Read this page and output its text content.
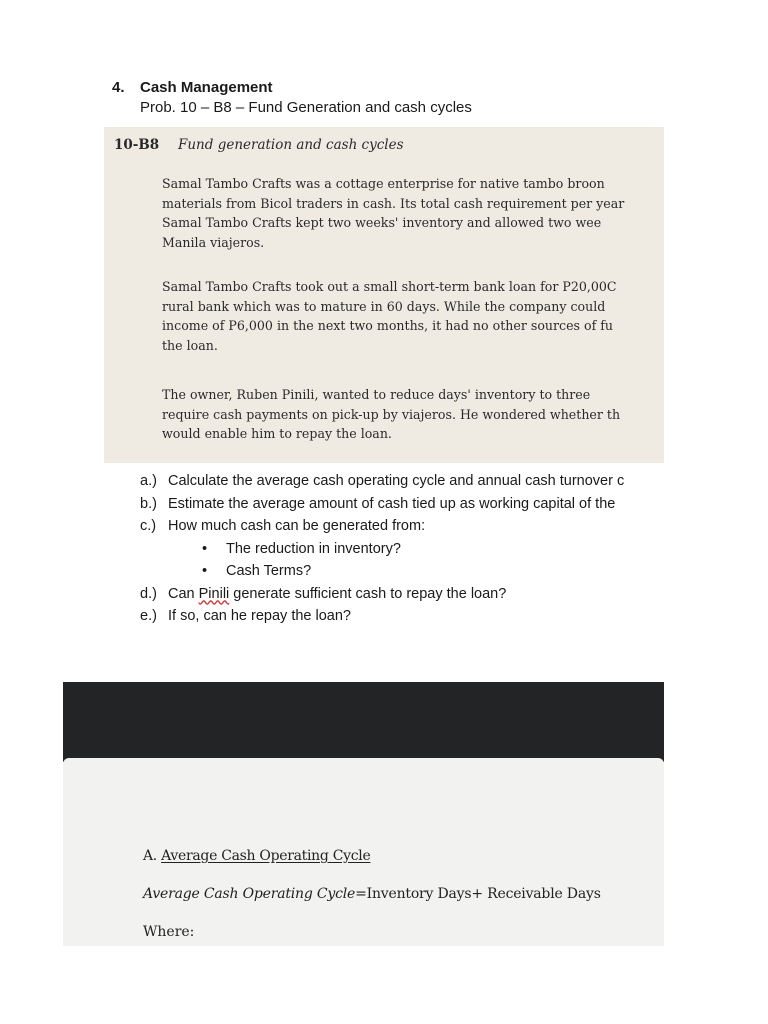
4. Cash Management
Prob. 10 – B8 – Fund Generation and cash cycles
10-B8 Fund generation and cash cycles
Samal Tambo Crafts was a cottage enterprise for native tambo broon
materials from Bicol traders in cash. Its total cash requirement per year
Samal Tambo Crafts kept two weeks' inventory and allowed two wee
Manila viajeros.
Samal Tambo Crafts took out a small short-term bank loan for P20,00C
rural bank which was to mature in 60 days. While the company could
income of P6,000 in the next two months, it had no other sources of fu
the loan.
The owner, Ruben Pinili, wanted to reduce days' inventory to three
require cash payments on pick-up by viajeros. He wondered whether th
would enable him to repay the loan.
a.) Calculate the average cash operating cycle and annual cash turnover c
b.) Estimate the average amount of cash tied up as working capital of the
c.) How much cash can be generated from:
• The reduction in inventory?
• Cash Terms?
d.) Can Pinili generate sufficient cash to repay the loan?
e.) If so, can he repay the loan?
A. Average Cash Operating Cycle
Average Cash Operating Cycle=Inventory Days+ Receivable Days
Where:
